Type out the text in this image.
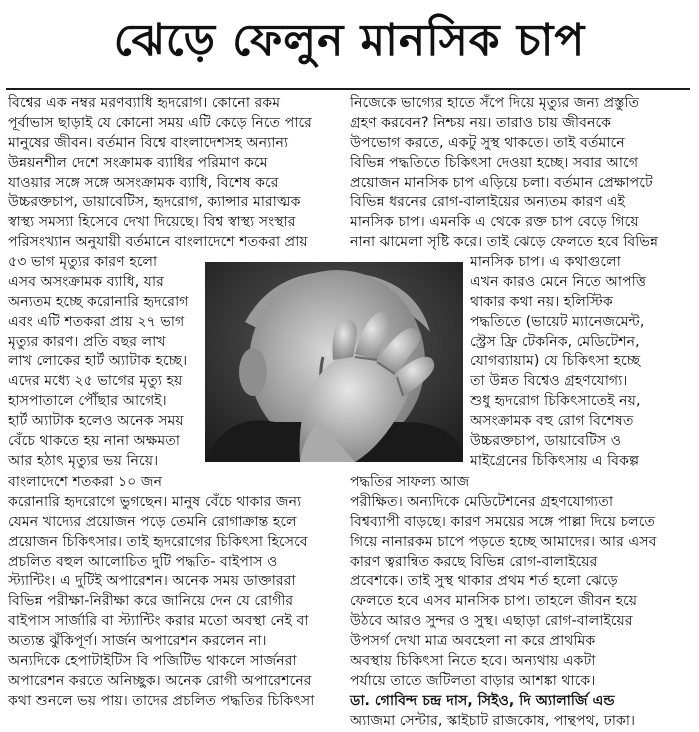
ঝেড়ে ফেলুন মানসিক চাপ
বিশ্বের এক নম্বর মরণব্যাধি হৃদরোগ। কোনো রকম
পূর্বাভাস ছাড়াই যে কোনো সময় এটি কেড়ে নিতে পারে
মানুষের জীবন। বর্তমান বিশ্বে বাংলাদেশসহ অন্যান্য
উন্নয়নশীল দেশে সংক্রামক ব্যাধির পরিমাণ কমে
যাওয়ার সঙ্গে সঙ্গে অসংক্রামক ব্যাধি, বিশেষ করে
উচ্চরক্তচাপ, ডায়াবেটিস, হৃদরোগ, ক্যান্সার মারাত্মক
স্বাস্থ্য সমস্যা হিসেবে দেখা দিয়েছে। বিশ্ব স্বাস্থ্য সংস্থার
পরিসংখ্যান অনুযায়ী বর্তমানে বাংলাদেশে শতকরা প্রায়
নিজেকে ভাগ্যের হাতে সঁপে দিয়ে মৃত্যুর জন্য প্রস্তুতি
গ্রহণ করবেন? নিশ্চয় নয়। তারাও চায় জীবনকে
উপভোগ করতে, একটু সুস্থ থাকতে। তাই বর্তমানে
বিভিন্ন পদ্ধতিতে চিকিৎসা দেওয়া হচ্ছে। সবার আগে
প্রয়োজন মানসিক চাপ এড়িয়ে চলা। বর্তমান প্রেক্ষাপটে
বিভিন্ন ধরনের রোগ-বালাইয়ের অন্যতম কারণ এই
মানসিক চাপ। এমনকি এ থেকে রক্ত চাপ বেড়ে গিয়ে
নানা ঝামেলা সৃষ্টি করে। তাই ঝেড়ে ফেলতে হবে বিভিন্ন
৫৩ ভাগ মৃত্যুর কারণ হলো
এসব অসংক্রামক ব্যাধি, যার
অন্যতম হচ্ছে করোনারি হৃদরোগ
এবং এটি শতকরা প্রায় ২৭ ভাগ
মৃত্যুর কারণ। প্রতি বছর লাখ
লাখ লোকের হার্ট অ্যাটাক হচ্ছে।
এদের মধ্যে ২৫ ভাগের মৃত্যু হয়
হাসপাতালে পৌঁছার আগেই।
হার্ট অ্যাটাক হলেও অনেক সময়
বেঁচে থাকতে হয় নানা অক্ষমতা
আর হঠাৎ মৃত্যুর ভয় নিয়ে।
মানসিক চাপ। এ কথাগুলো
এখন কারও মেনে নিতে আপত্তি
থাকার কথা নয়। হলিস্টিক
পদ্ধতিতে (ভায়েট ম্যানেজমেন্ট,
স্ট্রেস ফ্রি টেকনিক, মেডিটেশন,
যোগব্যায়াম) যে চিকিৎসা হচ্ছে
তা উন্নত বিশ্বেও গ্রহণযোগ্য।
শুধু হৃদরোগ চিকিৎসাতেই নয়,
অসংক্রামক বহু রোগ বিশেষত
উচ্চরক্তচাপ, ডায়াবেটিস ও
মাইগ্রেনের চিকিৎসায় এ বিকল্প
বাংলাদেশে শতকরা ১০ জন
করোনারি হৃদরোগে ভুগছেন। মানুষ বেঁচে থাকার জন্য
যেমন খাদ্যের প্রয়োজন পড়ে তেমনি রোগাক্রান্ত হলে
প্রয়োজন চিকিৎসার। তাই হৃদরোগের চিকিৎসা হিসেবে
প্রচলিত বহুল আলোচিত দুটি পদ্ধতি- বাইপাস ও
স্ট্যান্টিং। এ দুটিই অপারেশন। অনেক সময় ডাক্তাররা
বিভিন্ন পরীক্ষা-নিরীক্ষা করে জানিয়ে দেন যে রোগীর
বাইপাস সার্জারি বা স্ট্যান্টিং করার মতো অবস্থা নেই বা
অত্যন্ত ঝুঁকিপূর্ণ। সার্জন অপারেশন করলেন না।
অন্যদিকে হেপাটাইটিস বি পজিটিভ থাকলে সার্জনরা
অপারেশন করতে অনিচ্ছুক। অনেক রোগী অপারেশনের
কথা শুনলে ভয় পায়। তাদের প্রচলিত পদ্ধতির চিকিৎসা
পদ্ধতির সাফল্য আজ
পরীক্ষিত। অন্যদিকে মেডিটেশনের গ্রহণযোগ্যতা
বিশ্বব্যাপী বাড়ছে। কারণ সময়ের সঙ্গে পাল্লা দিয়ে চলতে
গিয়ে নানারকম চাপে পড়তে হচ্ছে আমাদের। আর এসব
কারণ ত্বরান্বিত করছে বিভিন্ন রোগ-বালাইয়ের
প্রবেশকে। তাই সুস্থ থাকার প্রথম শর্ত হলো ঝেড়ে
ফেলতে হবে এসব মানসিক চাপ। তাহলে জীবন হয়ে
উঠবে আরও সুন্দর ও সুস্থ। এছাড়া রোগ-বালাইয়ের
উপসর্গ দেখা মাত্র অবহেলা না করে প্রাথমিক
অবস্থায় চিকিৎসা নিতে হবে। অন্যথায় একটা
পর্যায়ে তাতে জটিলতা বাড়ার আশঙ্কা থাকে।
ডা. গোবিন্দ চন্দ্র দাস, সিইও, দি অ্যালার্জি এন্ড
অ্যাজমা সেন্টার, স্কাইচাট রাজকোষ, পান্থপথ, ঢাকা।
